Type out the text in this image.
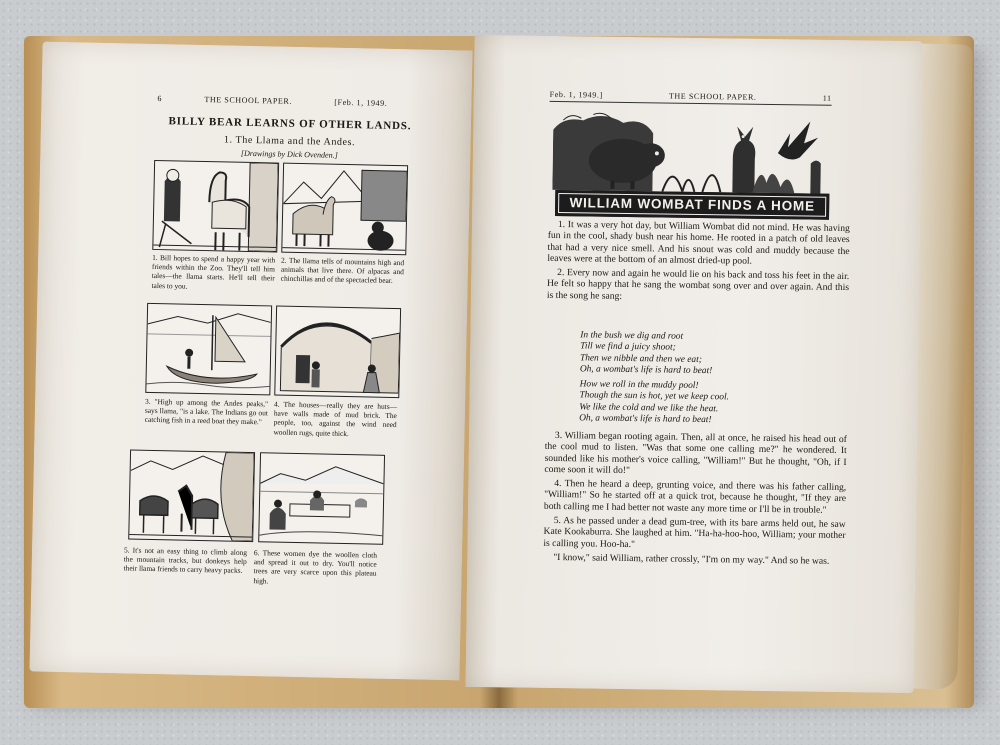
6	THE SCHOOL PAPER.	[Feb. 1, 1949.
BILLY BEAR LEARNS OF OTHER LANDS.
1. The Llama and the Andes.
[Drawings by Dick Ovenden.]
1. Bill hopes to spend a happy year with friends within the Zoo. They'll tell him tales—the llama starts. He'll tell their tales to you.
2. The llama tells of mountains high and animals that live there. Of alpacas and chinchillas and of the spectacled bear.
3. "High up among the Andes peaks," says llama, "is a lake. The Indians go out catching fish in a reed boat they make."
4. The houses—really they are huts—have walls made of mud brick. The people, too, against the wind need woollen rugs, quite thick.
5. It's not an easy thing to climb along the mountain tracks, but donkeys help their llama friends to carry heavy packs.
6. These women dye the woollen cloth and spread it out to dry. You'll notice trees are very scarce upon this plateau high.
Feb. 1, 1949.]	THE SCHOOL PAPER.	11
WILLIAM WOMBAT FINDS A HOME

1. It was a very hot day, but William Wombat did not mind. He was having fun in the cool, shady bush near his home. He rooted in a patch of old leaves that had a very nice smell. And his snout was cold and muddy because the leaves were at the bottom of an almost dried-up pool.

2. Every now and again he would lie on his back and toss his feet in the air. He felt so happy that he sang the wombat song over and over again. And this is the song he sang:

In the bush we dig and root
Till we find a juicy shoot;
Then we nibble and then we eat;
Oh, a wombat's life is hard to beat!
How we roll in the muddy pool!
Though the sun is hot, yet we keep cool.
We like the cold and we like the heat.
Oh, a wombat's life is hard to beat!

3. William began rooting again. Then, all at once, he raised his head out of the cool mud to listen. "Was that some one calling me?" he wondered. It sounded like his mother's voice calling, "William!" But he thought, "Oh, if I come soon it will do!"

4. Then he heard a deep, grunting voice, and there was his father calling, "William!" So he started off at a quick trot, because he thought, "If they are both calling me I had better not waste any more time or I'll be in trouble."

5. As he passed under a dead gum-tree, with its bare arms held out, he saw Kate Kookaburra. She laughed at him. "Ha-ha-hoo-hoo, William; your mother is calling you. Hoo-ha."

"I know," said William, rather crossly, "I'm on my way." And so he was.
